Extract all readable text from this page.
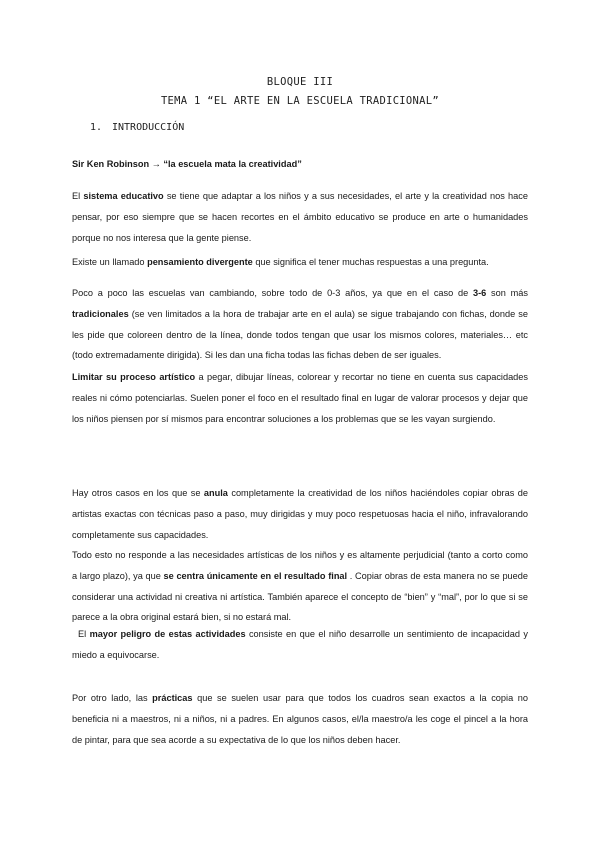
BLOQUE III
TEMA 1 “EL ARTE EN LA ESCUELA TRADICIONAL”
1. INTRODUCCIÓN

Sir Ken Robinson → “la escuela mata la creatividad”

El sistema educativo se tiene que adaptar a los niños y a sus necesidades, el arte y la creatividad nos hace pensar, por eso siempre que se hacen recortes en el ámbito educativo se produce en arte o humanidades porque no nos interesa que la gente piense.

Existe un llamado pensamiento divergente que significa el tener muchas respuestas a una pregunta.

Poco a poco las escuelas van cambiando, sobre todo de 0-3 años, ya que en el caso de 3-6 son más tradicionales (se ven limitados a la hora de trabajar arte en el aula) se sigue trabajando con fichas, donde se les pide que coloreen dentro de la línea, donde todos tengan que usar los mismos colores, materiales… etc (todo extremadamente dirigida). Si les dan una ficha todas las fichas deben de ser iguales.

Limitar su proceso artístico a pegar, dibujar líneas, colorear y recortar no tiene en cuenta sus capacidades reales ni cómo potenciarlas. Suelen poner el foco en el resultado final en lugar de valorar procesos y dejar que los niños piensen por sí mismos para encontrar soluciones a los problemas que se les vayan surgiendo.

Hay otros casos en los que se anula completamente la creatividad de los niños haciéndoles copiar obras de artistas exactas con técnicas paso a paso, muy dirigidas y muy poco respetuosas hacia el niño, infravalorando completamente sus capacidades.

Todo esto no responde a las necesidades artísticas de los niños y es altamente perjudicial (tanto a corto como a largo plazo), ya que se centra únicamente en el resultado final . Copiar obras de esta manera no se puede considerar una actividad ni creativa ni artística. También aparece el concepto de “bien” y “mal”, por lo que si se parece a la obra original estará bien, si no estará mal.

El mayor peligro de estas actividades consiste en que el niño desarrolle un sentimiento de incapacidad y miedo a equivocarse.

Por otro lado, las prácticas que se suelen usar para que todos los cuadros sean exactos a la copia no beneficia ni a maestros, ni a niños, ni a padres. En algunos casos, el/la maestro/a les coge el pincel a la hora de pintar, para que sea acorde a su expectativa de lo que los niños deben hacer.
